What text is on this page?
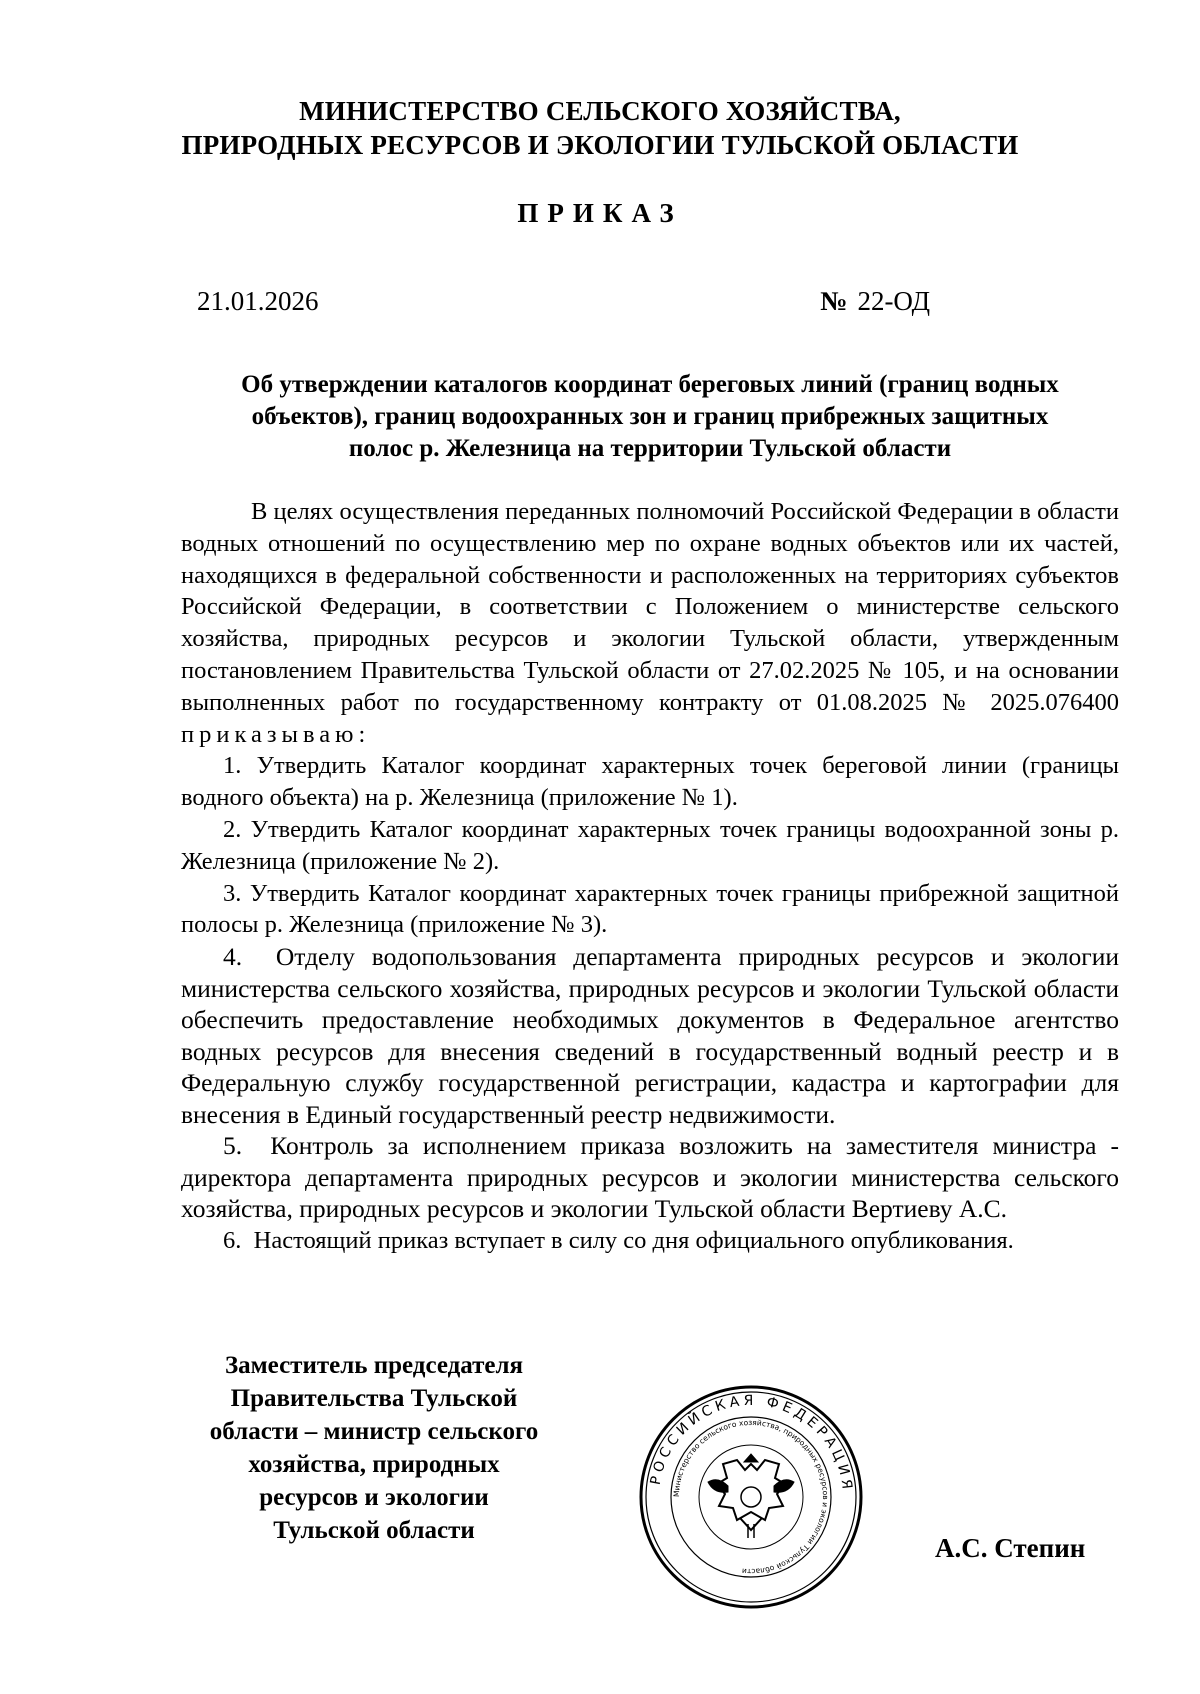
МИНИСТЕРСТВО СЕЛЬСКОГО ХОЗЯЙСТВА,
ПРИРОДНЫХ РЕСУРСОВ И ЭКОЛОГИИ ТУЛЬСКОЙ ОБЛАСТИ
ПРИКАЗ
21.01.2026	№ 22-ОД
Об утверждении каталогов координат береговых линий (границ водных
объектов), границ водоохранных зон и границ прибрежных защитных
полос р. Железница на территории Тульской области

В целях осуществления переданных полномочий Российской Федерации в области водных отношений по осуществлению мер по охране водных объектов или их частей, находящихся в федеральной собственности и расположенных на территориях субъектов Российской Федерации, в соответствии с Положением о министерстве сельского хозяйства, природных ресурсов и экологии Тульской области, утвержденным постановлением Правительства Тульской области от 27.02.2025 № 105, и на основании выполненных работ по государственному контракту от 01.08.2025 № 2025.076400 приказываю:

1. Утвердить Каталог координат характерных точек береговой линии (границы водного объекта) на р. Железница (приложение № 1).

2. Утвердить Каталог координат характерных точек границы водоохранной зоны р. Железница (приложение № 2).

3. Утвердить Каталог координат характерных точек границы прибрежной защитной полосы р. Железница (приложение № 3).

4. Отделу водопользования департамента природных ресурсов и экологии министерства сельского хозяйства, природных ресурсов и экологии Тульской области обеспечить предоставление необходимых документов в Федеральное агентство водных ресурсов для внесения сведений в государственный водный реестр и в Федеральную службу государственной регистрации, кадастра и картографии для внесения в Единый государственный реестр недвижимости.

5. Контроль за исполнением приказа возложить на заместителя министра - директора департамента природных ресурсов и экологии министерства сельского хозяйства, природных ресурсов и экологии Тульской области Вертиеву А.С.

6. Настоящий приказ вступает в силу со дня официального опубликования.

Заместитель председателя
Правительства Тульской
области – министр сельского
хозяйства, природных
ресурсов и экологии
Тульской области
РОССИЙСКАЯ ФЕДЕРАЦИЯ
Министерство сельского хозяйства, природных ресурсов и экологии Тульской области
А.С. Степин
